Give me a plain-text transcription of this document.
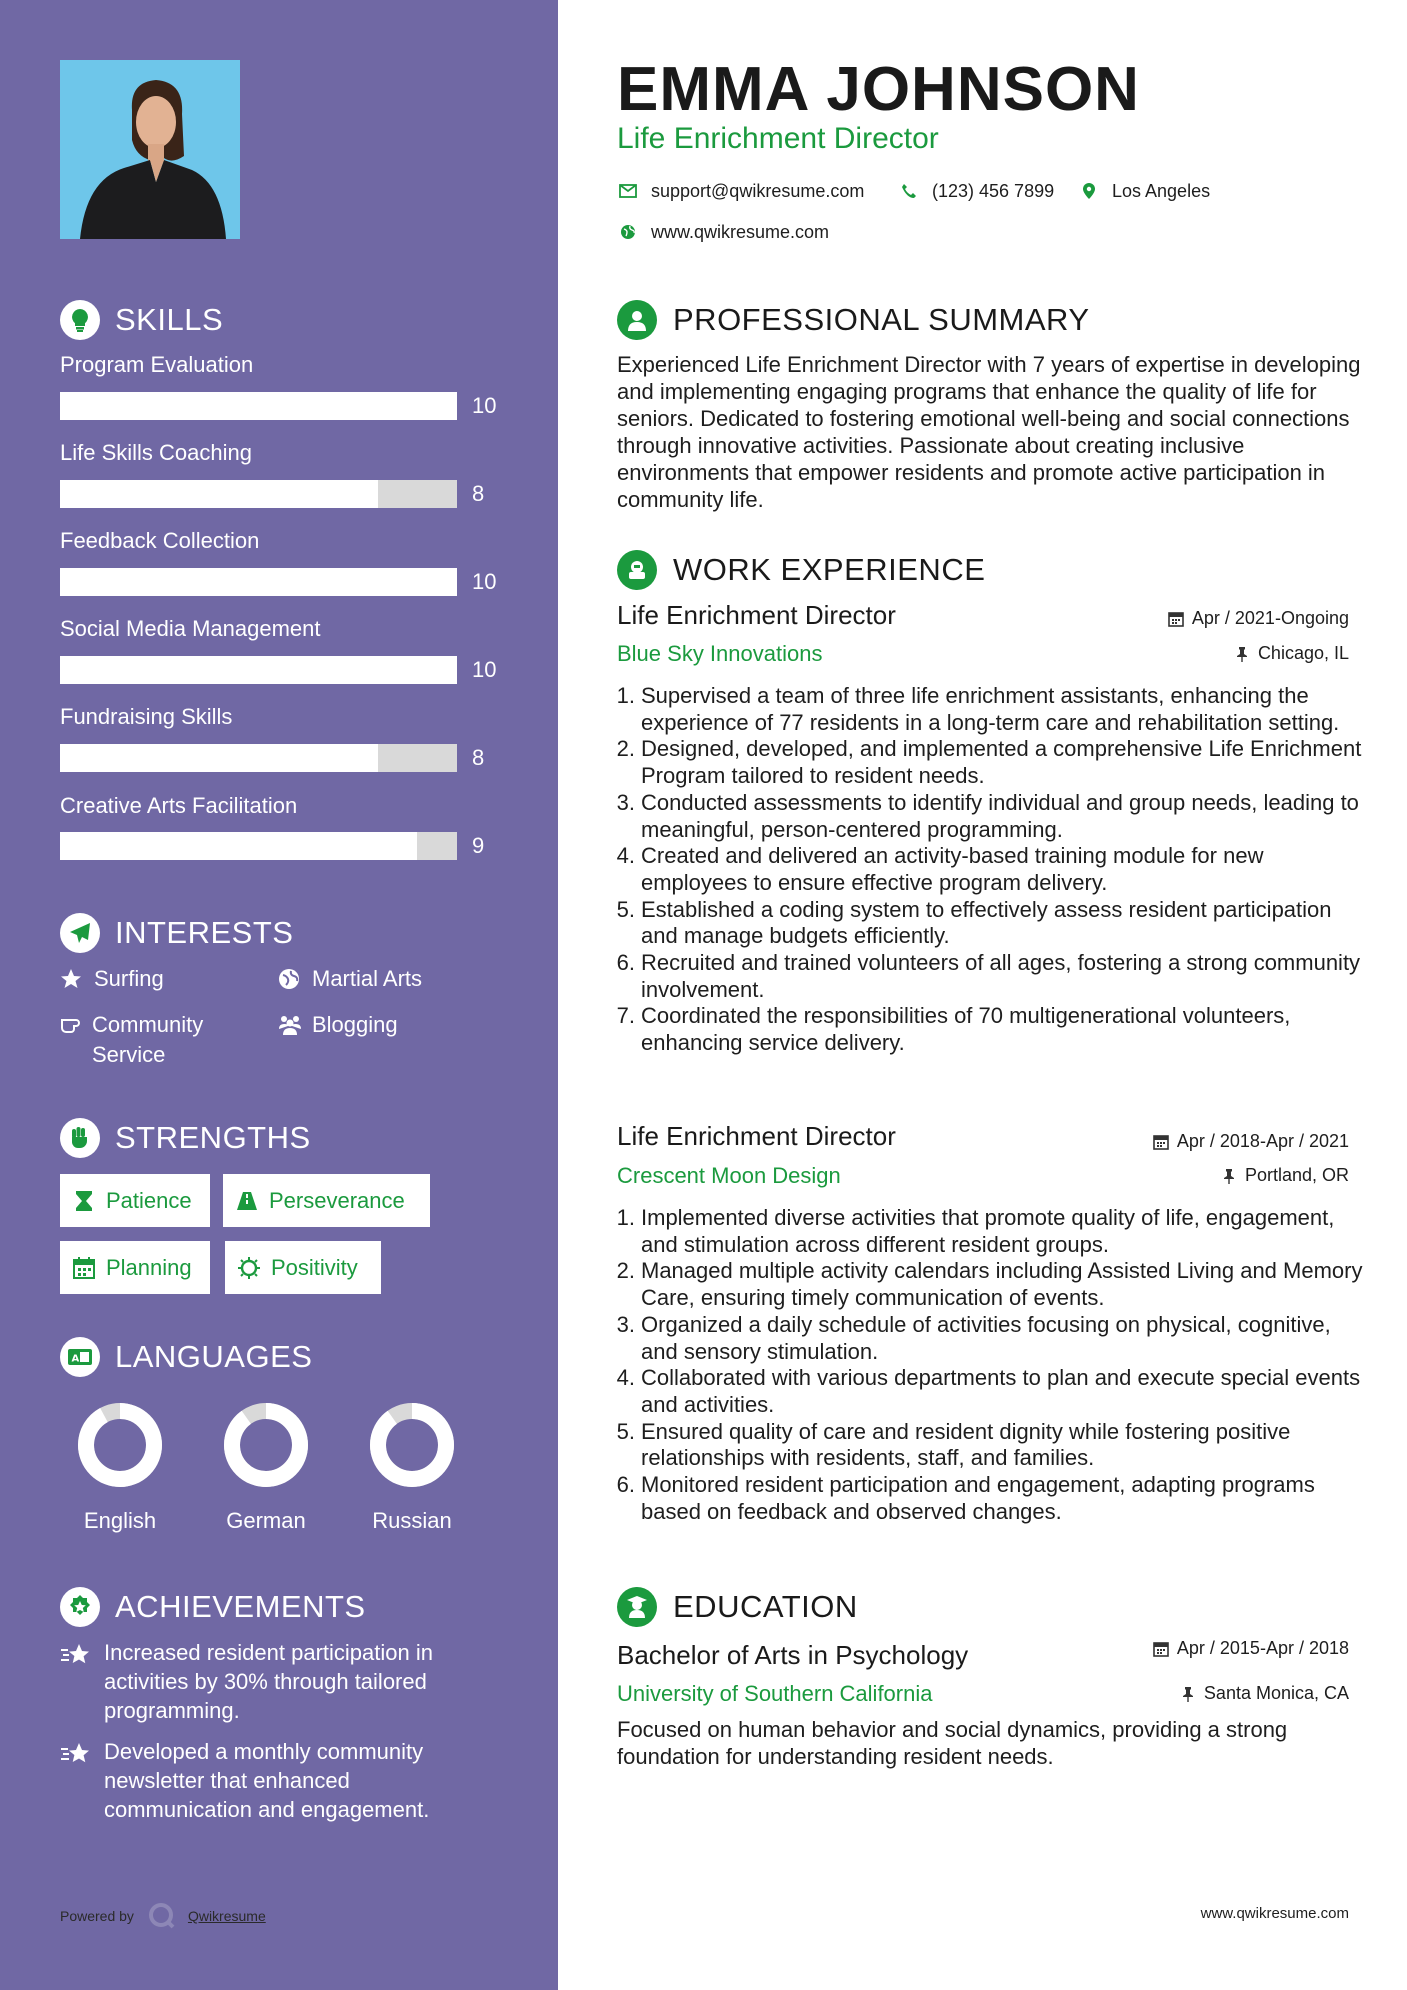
SKILLS
Program Evaluation
10
Life Skills Coaching
8
Feedback Collection
10
Social Media Management
10
Fundraising Skills
8
Creative Arts Facilitation
9
INTERESTS
Surfing	Martial Arts
Community Service
Blogging
STRENGTHS
Patience	Perseverance
Planning	Positivity
A LANGUAGES
English	German	Russian
ACHIEVEMENTS
Increased resident participation in activities by 30% through tailored programming.
Developed a monthly community newsletter that enhanced communication and engagement.
Powered by	Qwikresume
EMMA JOHNSON
Life Enrichment Director
support@qwikresume.com	(123) 456 7899	Los Angeles
www.qwikresume.com
PROFESSIONAL SUMMARY
Experienced Life Enrichment Director with 7 years of expertise in developing and implementing engaging programs that enhance the quality of life for seniors. Dedicated to fostering emotional well-being and social connections through innovative activities. Passionate about creating inclusive environments that empower residents and promote active participation in community life.
WORK EXPERIENCE
Life Enrichment Director
Blue Sky Innovations
Apr / 2021-Ongoing
Chicago, IL
1. Supervised a team of three life enrichment assistants, enhancing the experience of 77 residents in a long-term care and rehabilitation setting.
2. Designed, developed, and implemented a comprehensive Life Enrichment Program tailored to resident needs.
3. Conducted assessments to identify individual and group needs, leading to meaningful, person-centered programming.
4. Created and delivered an activity-based training module for new employees to ensure effective program delivery.
5. Established a coding system to effectively assess resident participation and manage budgets efficiently.
6. Recruited and trained volunteers of all ages, fostering a strong community involvement.
7. Coordinated the responsibilities of 70 multigenerational volunteers, enhancing service delivery.
Life Enrichment Director
Crescent Moon Design
Apr / 2018-Apr / 2021
Portland, OR
1. Implemented diverse activities that promote quality of life, engagement, and stimulation across different resident groups.
2. Managed multiple activity calendars including Assisted Living and Memory Care, ensuring timely communication of events.
3. Organized a daily schedule of activities focusing on physical, cognitive, and sensory stimulation.
4. Collaborated with various departments to plan and execute special events and activities.
5. Ensured quality of care and resident dignity while fostering positive relationships with residents, staff, and families.
6. Monitored resident participation and engagement, adapting programs based on feedback and observed changes.
EDUCATION
Bachelor of Arts in Psychology
University of Southern California
Apr / 2015-Apr / 2018
Santa Monica, CA
Focused on human behavior and social dynamics, providing a strong foundation for understanding resident needs.
www.qwikresume.com
